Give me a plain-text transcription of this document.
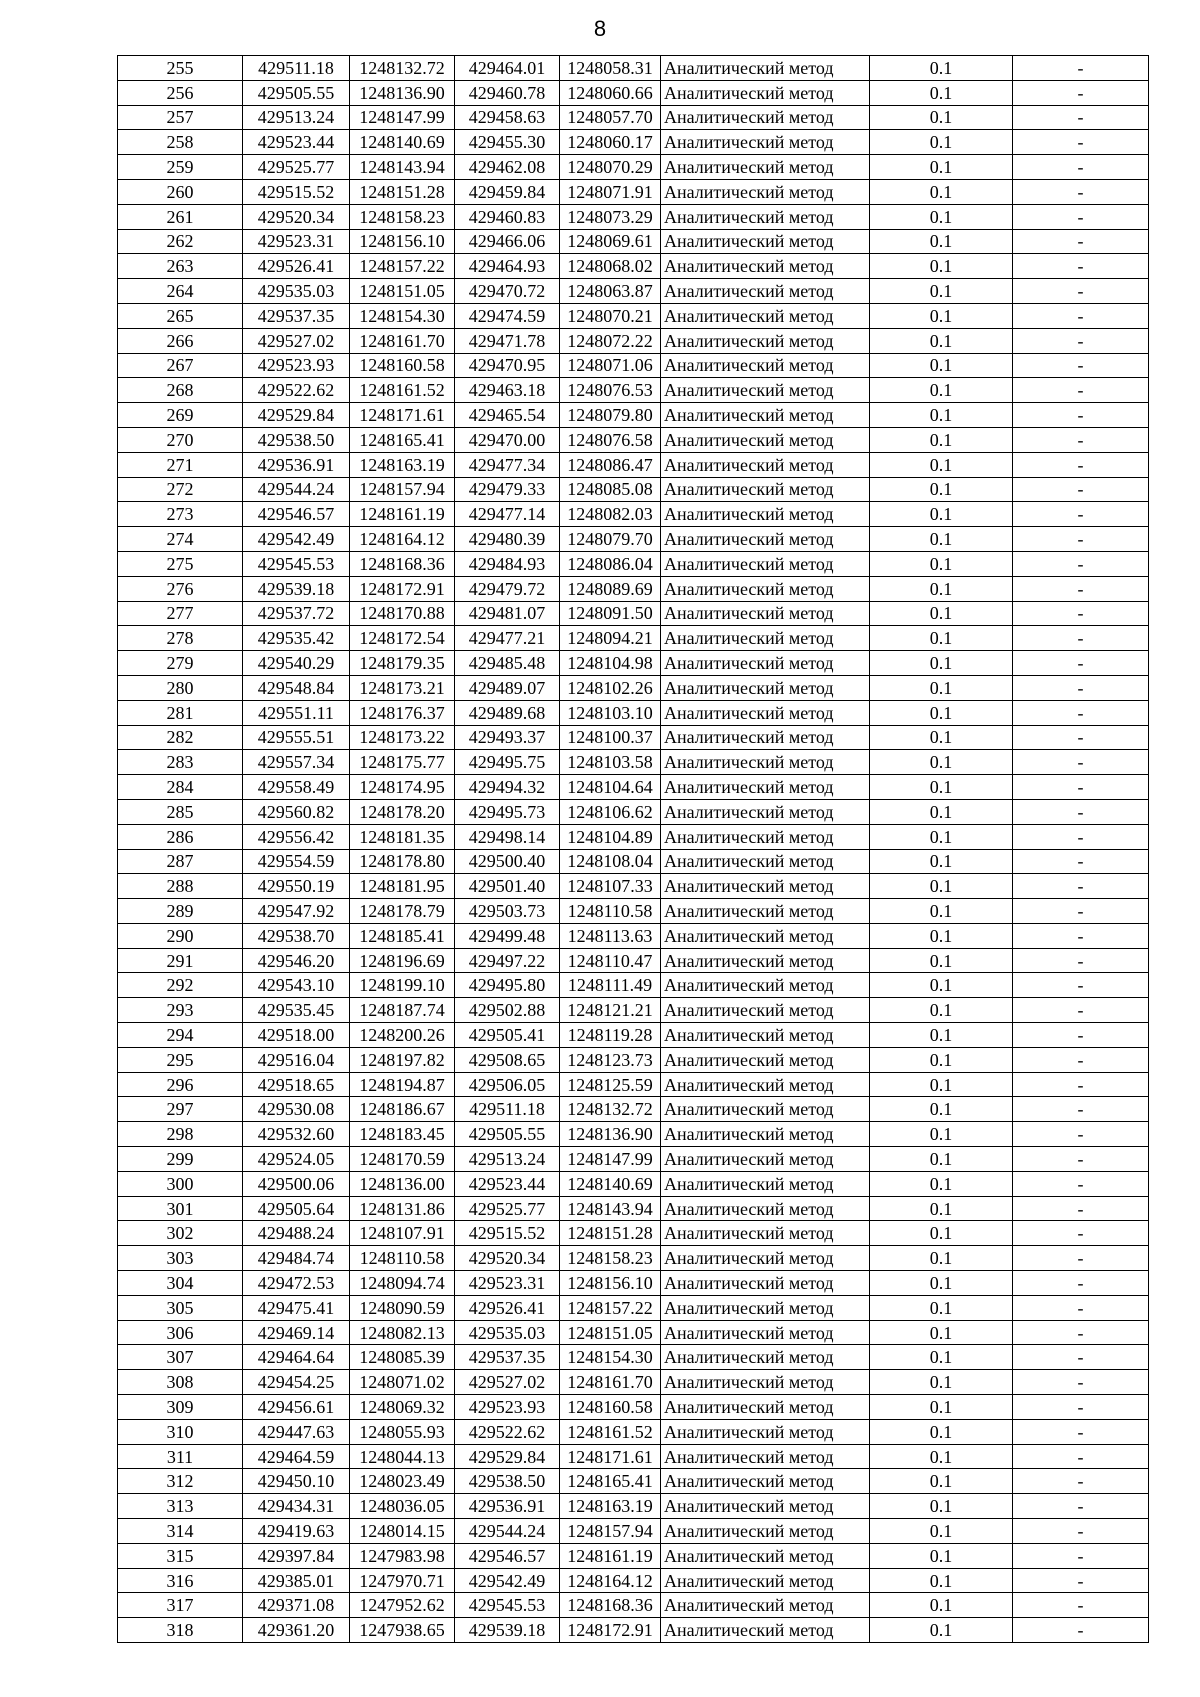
8
255	429511.18	1248132.72	429464.01	1248058.31	Аналитический метод	0.1	-
256	429505.55	1248136.90	429460.78	1248060.66	Аналитический метод	0.1	-
257	429513.24	1248147.99	429458.63	1248057.70	Аналитический метод	0.1	-
258	429523.44	1248140.69	429455.30	1248060.17	Аналитический метод	0.1	-
259	429525.77	1248143.94	429462.08	1248070.29	Аналитический метод	0.1	-
260	429515.52	1248151.28	429459.84	1248071.91	Аналитический метод	0.1	-
261	429520.34	1248158.23	429460.83	1248073.29	Аналитический метод	0.1	-
262	429523.31	1248156.10	429466.06	1248069.61	Аналитический метод	0.1	-
263	429526.41	1248157.22	429464.93	1248068.02	Аналитический метод	0.1	-
264	429535.03	1248151.05	429470.72	1248063.87	Аналитический метод	0.1	-
265	429537.35	1248154.30	429474.59	1248070.21	Аналитический метод	0.1	-
266	429527.02	1248161.70	429471.78	1248072.22	Аналитический метод	0.1	-
267	429523.93	1248160.58	429470.95	1248071.06	Аналитический метод	0.1	-
268	429522.62	1248161.52	429463.18	1248076.53	Аналитический метод	0.1	-
269	429529.84	1248171.61	429465.54	1248079.80	Аналитический метод	0.1	-
270	429538.50	1248165.41	429470.00	1248076.58	Аналитический метод	0.1	-
271	429536.91	1248163.19	429477.34	1248086.47	Аналитический метод	0.1	-
272	429544.24	1248157.94	429479.33	1248085.08	Аналитический метод	0.1	-
273	429546.57	1248161.19	429477.14	1248082.03	Аналитический метод	0.1	-
274	429542.49	1248164.12	429480.39	1248079.70	Аналитический метод	0.1	-
275	429545.53	1248168.36	429484.93	1248086.04	Аналитический метод	0.1	-
276	429539.18	1248172.91	429479.72	1248089.69	Аналитический метод	0.1	-
277	429537.72	1248170.88	429481.07	1248091.50	Аналитический метод	0.1	-
278	429535.42	1248172.54	429477.21	1248094.21	Аналитический метод	0.1	-
279	429540.29	1248179.35	429485.48	1248104.98	Аналитический метод	0.1	-
280	429548.84	1248173.21	429489.07	1248102.26	Аналитический метод	0.1	-
281	429551.11	1248176.37	429489.68	1248103.10	Аналитический метод	0.1	-
282	429555.51	1248173.22	429493.37	1248100.37	Аналитический метод	0.1	-
283	429557.34	1248175.77	429495.75	1248103.58	Аналитический метод	0.1	-
284	429558.49	1248174.95	429494.32	1248104.64	Аналитический метод	0.1	-
285	429560.82	1248178.20	429495.73	1248106.62	Аналитический метод	0.1	-
286	429556.42	1248181.35	429498.14	1248104.89	Аналитический метод	0.1	-
287	429554.59	1248178.80	429500.40	1248108.04	Аналитический метод	0.1	-
288	429550.19	1248181.95	429501.40	1248107.33	Аналитический метод	0.1	-
289	429547.92	1248178.79	429503.73	1248110.58	Аналитический метод	0.1	-
290	429538.70	1248185.41	429499.48	1248113.63	Аналитический метод	0.1	-
291	429546.20	1248196.69	429497.22	1248110.47	Аналитический метод	0.1	-
292	429543.10	1248199.10	429495.80	1248111.49	Аналитический метод	0.1	-
293	429535.45	1248187.74	429502.88	1248121.21	Аналитический метод	0.1	-
294	429518.00	1248200.26	429505.41	1248119.28	Аналитический метод	0.1	-
295	429516.04	1248197.82	429508.65	1248123.73	Аналитический метод	0.1	-
296	429518.65	1248194.87	429506.05	1248125.59	Аналитический метод	0.1	-
297	429530.08	1248186.67	429511.18	1248132.72	Аналитический метод	0.1	-
298	429532.60	1248183.45	429505.55	1248136.90	Аналитический метод	0.1	-
299	429524.05	1248170.59	429513.24	1248147.99	Аналитический метод	0.1	-
300	429500.06	1248136.00	429523.44	1248140.69	Аналитический метод	0.1	-
301	429505.64	1248131.86	429525.77	1248143.94	Аналитический метод	0.1	-
302	429488.24	1248107.91	429515.52	1248151.28	Аналитический метод	0.1	-
303	429484.74	1248110.58	429520.34	1248158.23	Аналитический метод	0.1	-
304	429472.53	1248094.74	429523.31	1248156.10	Аналитический метод	0.1	-
305	429475.41	1248090.59	429526.41	1248157.22	Аналитический метод	0.1	-
306	429469.14	1248082.13	429535.03	1248151.05	Аналитический метод	0.1	-
307	429464.64	1248085.39	429537.35	1248154.30	Аналитический метод	0.1	-
308	429454.25	1248071.02	429527.02	1248161.70	Аналитический метод	0.1	-
309	429456.61	1248069.32	429523.93	1248160.58	Аналитический метод	0.1	-
310	429447.63	1248055.93	429522.62	1248161.52	Аналитический метод	0.1	-
311	429464.59	1248044.13	429529.84	1248171.61	Аналитический метод	0.1	-
312	429450.10	1248023.49	429538.50	1248165.41	Аналитический метод	0.1	-
313	429434.31	1248036.05	429536.91	1248163.19	Аналитический метод	0.1	-
314	429419.63	1248014.15	429544.24	1248157.94	Аналитический метод	0.1	-
315	429397.84	1247983.98	429546.57	1248161.19	Аналитический метод	0.1	-
316	429385.01	1247970.71	429542.49	1248164.12	Аналитический метод	0.1	-
317	429371.08	1247952.62	429545.53	1248168.36	Аналитический метод	0.1	-
318	429361.20	1247938.65	429539.18	1248172.91	Аналитический метод	0.1	-
